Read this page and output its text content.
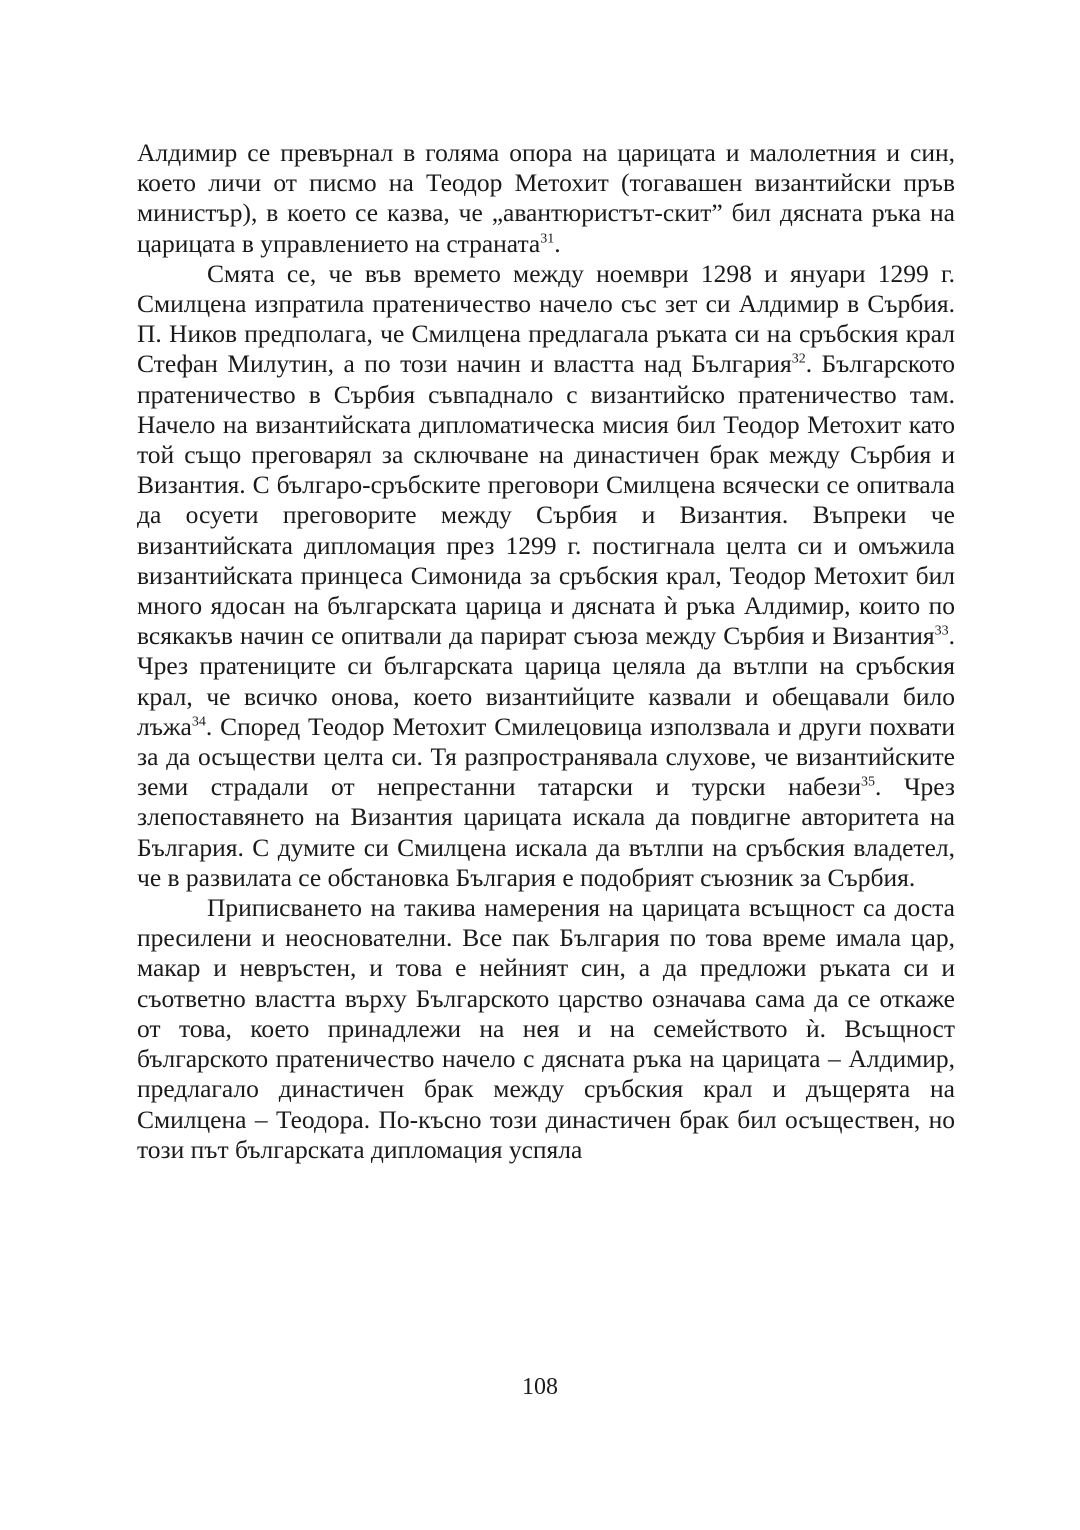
Алдимир се превърнал в голяма опора на царицата и малолетния и син, което личи от писмо на Теодор Метохит (тогавашен византийски пръв министър), в което се казва, че „авантюристът-скит” бил дясната ръка на царицата в управлението на страната$^{31}$.

Смята се, че във времето между ноември 1298 и януари 1299 г. Смилцена изпратила пратеничество начело със зет си Алдимир в Сърбия. П. Ников предполага, че Смилцена предлагала ръката си на сръбския крал Стефан Милутин, а по този начин и властта над България$^{32}$. Българското пратеничество в Сърбия съвпаднало с византийско пратеничество там. Начело на византийската дипломатическа мисия бил Теодор Метохит като той също преговарял за сключване на династичен брак между Сърбия и Византия. С българо-сръбските преговори Смилцена всячески се опитвала да осуети преговорите между Сърбия и Византия. Въпреки че византийската дипломация през 1299 г. постигнала целта си и омъжила византийската принцеса Симонида за сръбския крал, Теодор Метохит бил много ядосан на българската царица и дясната ѝ ръка Алдимир, които по всякакъв начин се опитвали да парират съюза между Сърбия и Византия$^{33}$. Чрез пратениците си българската царица целяла да вътлпи на сръбския крал, че всичко онова, което византийците казвали и обещавали било лъжа$^{34}$. Според Теодор Метохит Смилецовица използвала и други похвати за да осъществи целта си. Тя разпространявала слухове, че византийските земи страдали от непрестанни татарски и турски набези$^{35}$. Чрез злепоставянето на Византия царицата искала да повдигне авторитета на България. С думите си Смилцена искала да вътлпи на сръбския владетел, че в развилата се обстановка България е подобрият съюзник за Сърбия.

Приписването на такива намерения на царицата всъщност са доста пресилени и неоснователни. Все пак България по това време имала цар, макар и невръстен, и това е нейният син, а да предложи ръката си и съответно властта върху Българското царство означава сама да се откаже от това, което принадлежи на нея и на семейството ѝ. Всъщност българското пратеничество начело с дясната ръка на царицата – Алдимир, предлагало династичен брак между сръбския крал и дъщерята на Смилцена – Теодора. По-късно този династичен брак бил осъществен, но този път българската дипломация успяла

108
